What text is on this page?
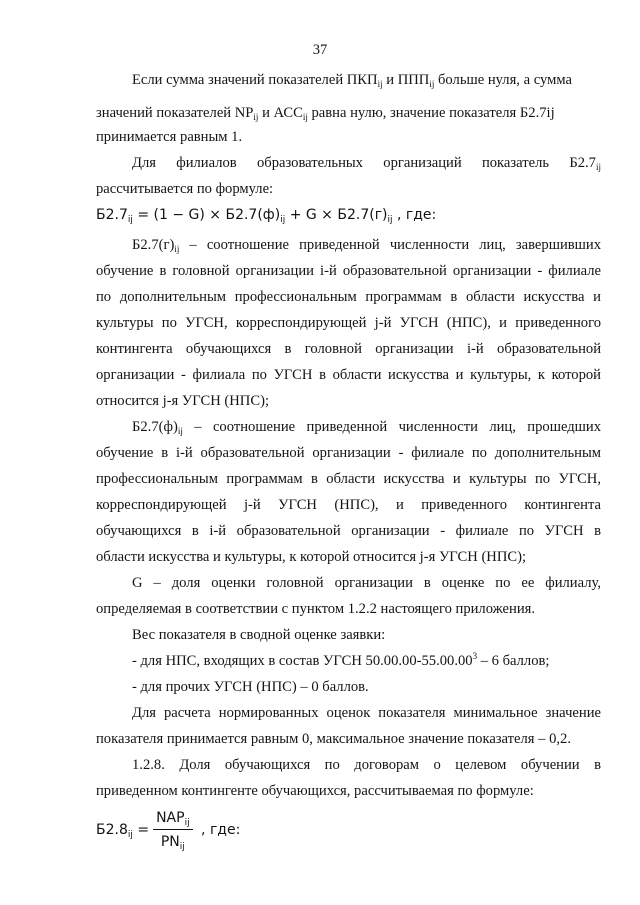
37
Если сумма значений показателей $ПКП_{ij}$ и $ППП_{ij}$ больше нуля, а сумма
значений показателей $NP_{ij}$ и $АСС_{ij}$ равна нулю, значение показателя Б2.7ij
принимается равным 1.
Для филиалов образовательных организаций показатель $Б2.7_{ij}$
рассчитывается по формуле:
$Б2.7_{ij} = (1 - G) \times Б2.7(ф)_{ij} + G \times Б2.7(г)_{ij}$ , где:
$Б2.7(г)_{ij}$ – соотношение приведенной численности лиц, завершивших
обучение в головной организации i-й образовательной организации - филиале
по дополнительным профессиональным программам в области искусства и
культуры по УГСН, корреспондирующей j-й УГСН (НПС), и приведенного
контингента обучающихся в головной организации i-й образовательной
организации - филиала по УГСН в области искусства и культуры, к которой
относится j-я УГСН (НПС);
$Б2.7(ф)_{ij}$ – соотношение приведенной численности лиц, прошедших
обучение в i-й образовательной организации - филиале по дополнительным
профессиональным программам в области искусства и культуры по УГСН,
корреспондирующей j-й УГСН (НПС), и приведенного контингента
обучающихся в i-й образовательной организации - филиале по УГСН в
области искусства и культуры, к которой относится j-я УГСН (НПС);
G – доля оценки головной организации в оценке по ее филиалу,
определяемая в соответствии с пунктом 1.2.2 настоящего приложения.
Вес показателя в сводной оценке заявки:
- для НПС, входящих в состав УГСН 50.00.00-55.00.00$^3$ – 6 баллов;
- для прочих УГСН (НПС) – 0 баллов.
Для расчета нормированных оценок показателя минимальное значение
показателя принимается равным 0, максимальное значение показателя – 0,2.
1.2.8. Доля обучающихся по договорам о целевом обучении в
приведенном контингенте обучающихся, рассчитываемая по формуле:
$Б2.8_{ij} = \frac{NAP_{ij}}{PN_{ij}}$ , где:
